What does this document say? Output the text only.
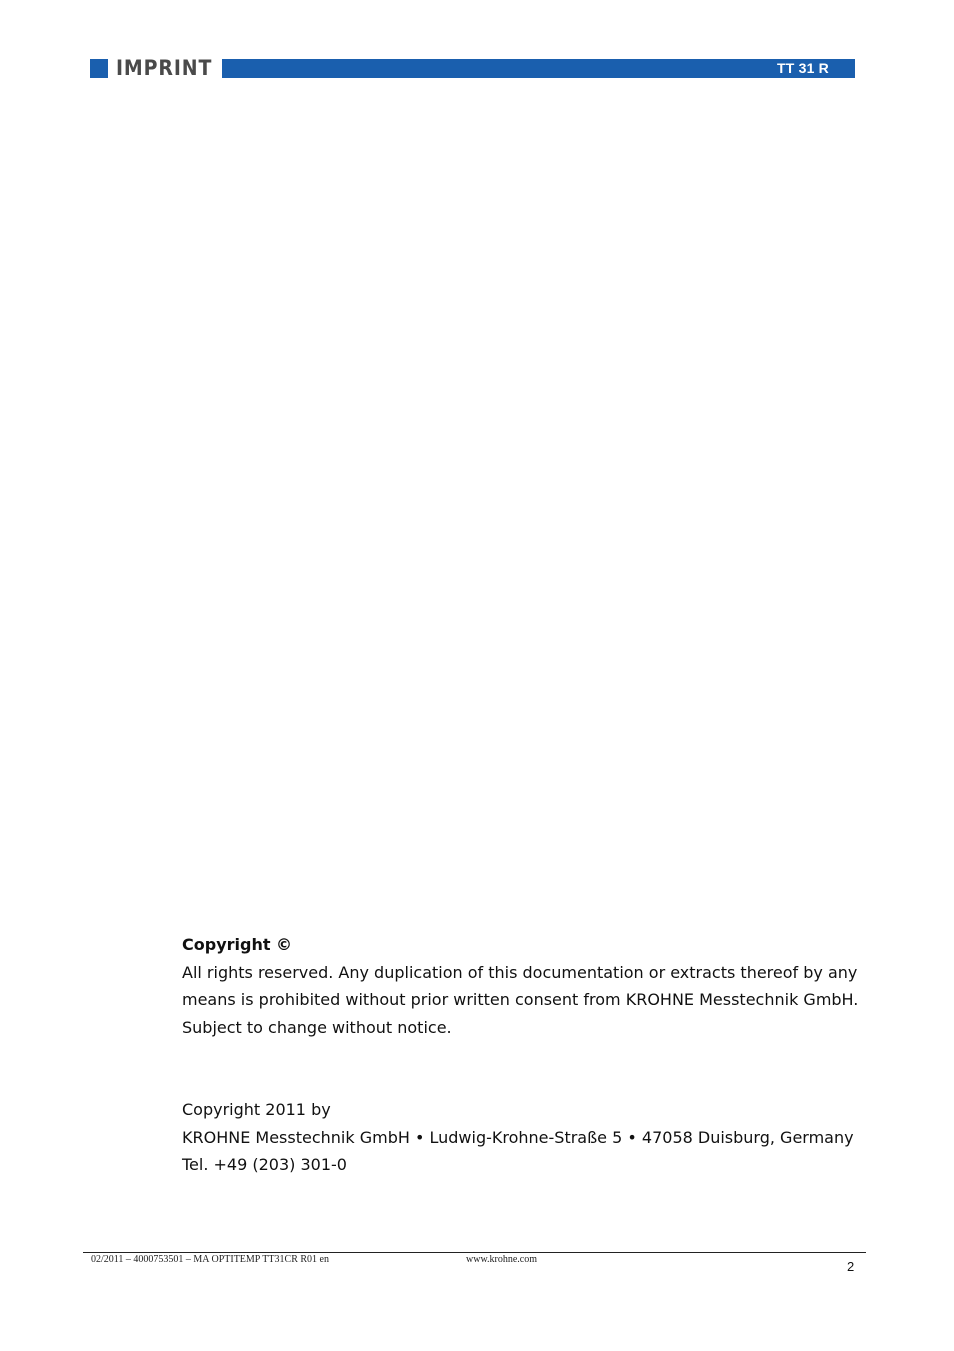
IMPRINT	TT 31 R
Copyright ©
All rights reserved. Any duplication of this documentation or extracts thereof by any
means is prohibited without prior written consent from KROHNE Messtechnik GmbH.
Subject to change without notice.
Copyright 2011 by
KROHNE Messtechnik GmbH • Ludwig-Krohne-Straße 5 • 47058 Duisburg, Germany
Tel. +49 (203) 301-0
02/2011 – 4000753501 – MA OPTITEMP TT31CR R01 en	www.krohne.com	2
